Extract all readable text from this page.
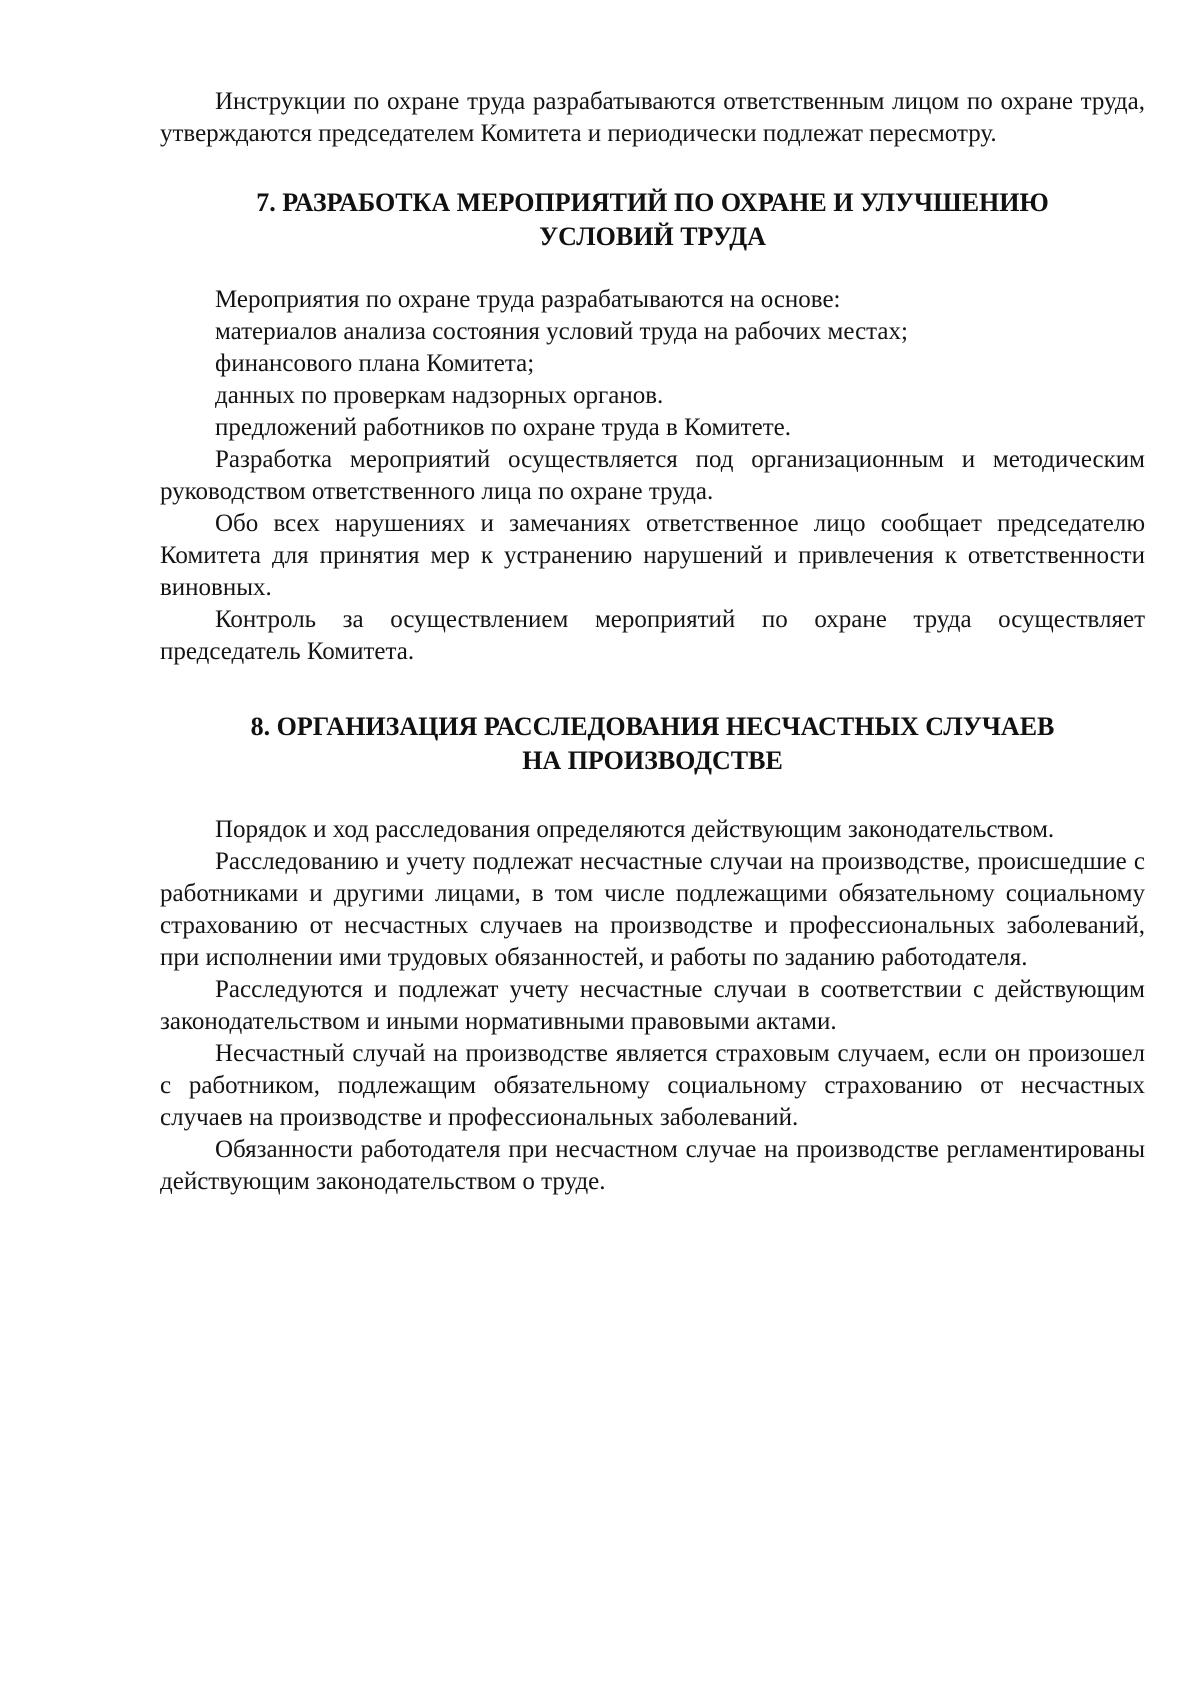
Инструкции по охране труда разрабатываются ответственным лицом по охране труда, утверждаются председателем Комитета и периодически подлежат пересмотру.

7. РАЗРАБОТКА МЕРОПРИЯТИЙ ПО ОХРАНЕ И УЛУЧШЕНИЮ
УСЛОВИЙ ТРУДА

Мероприятия по охране труда разрабатываются на основе:

материалов анализа состояния условий труда на рабочих местах;

финансового плана Комитета;

данных по проверкам надзорных органов.

предложений работников по охране труда в Комитете.

Разработка мероприятий осуществляется под организационным и методическим руководством ответственного лица по охране труда.

Обо всех нарушениях и замечаниях ответственное лицо сообщает председателю Комитета для принятия мер к устранению нарушений и привлечения к ответственности виновных.

Контроль за осуществлением мероприятий по охране труда осуществляет председатель Комитета.

8. ОРГАНИЗАЦИЯ РАССЛЕДОВАНИЯ НЕСЧАСТНЫХ СЛУЧАЕВ
НА ПРОИЗВОДСТВЕ

Порядок и ход расследования определяются действующим законодательством.

Расследованию и учету подлежат несчастные случаи на производстве, происшедшие с работниками и другими лицами, в том числе подлежащими обязательному социальному страхованию от несчастных случаев на производстве и профессиональных заболеваний, при исполнении ими трудовых обязанностей, и работы по заданию работодателя.

Расследуются и подлежат учету несчастные случаи в соответствии с действующим законодательством и иными нормативными правовыми актами.

Несчастный случай на производстве является страховым случаем, если он произошел с работником, подлежащим обязательному социальному страхованию от несчастных случаев на производстве и профессиональных заболеваний.

Обязанности работодателя при несчастном случае на производстве регламентированы действующим законодательством о труде.
